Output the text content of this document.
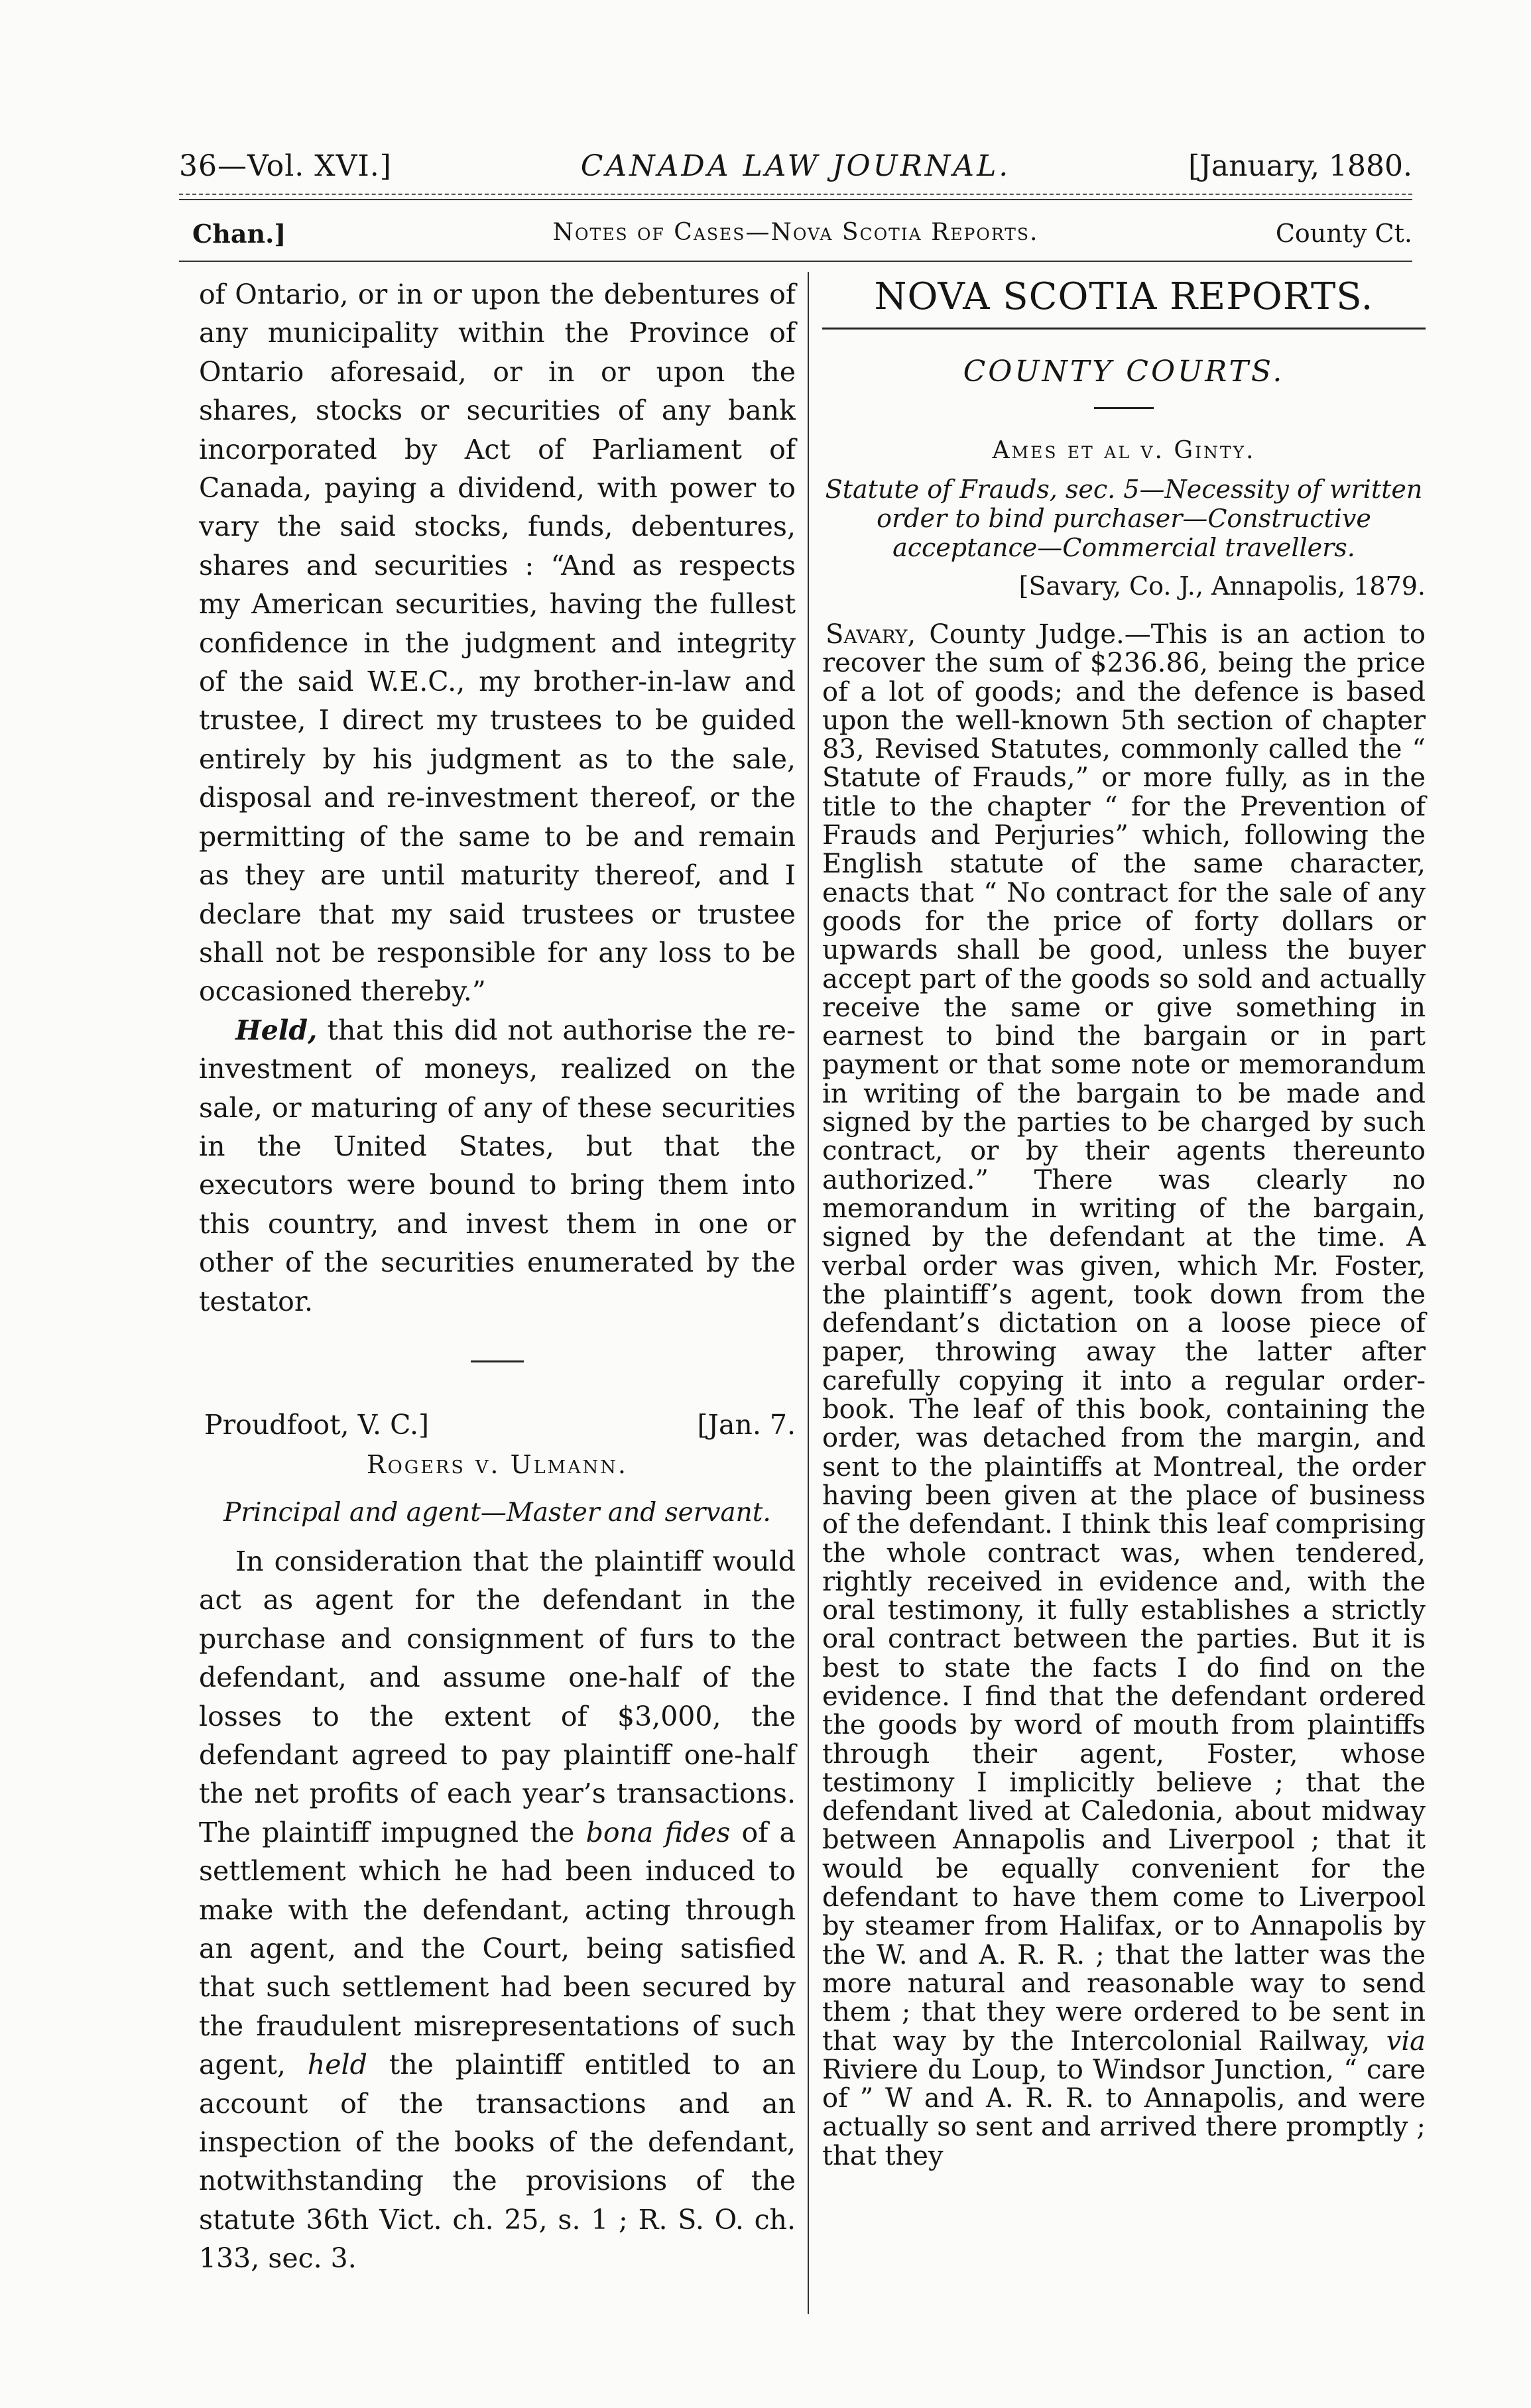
36—Vol. XVI.]	CANADA LAW JOURNAL.	[January, 1880.
Chan.]	Notes of Cases—Nova Scotia Reports.	County Ct.

of Ontario, or in or upon the debentures of any municipality within the Province of Ontario aforesaid, or in or upon the shares, stocks or securities of any bank incorporated by Act of Parliament of Canada, paying a dividend, with power to vary the said stocks, funds, debentures, shares and securities : “And as respects my American securities, having the fullest confidence in the judgment and integrity of the said W.E.C., my brother-in-law and trustee, I direct my trustees to be guided entirely by his judgment as to the sale, disposal and re-investment thereof, or the permitting of the same to be and remain as they are until maturity thereof, and I declare that my said trustees or trustee shall not be responsible for any loss to be occasioned thereby.”

Held, that this did not authorise the re-investment of moneys, realized on the sale, or maturing of any of these securities in the United States, but that the executors were bound to bring them into this country, and invest them in one or other of the securities enumerated by the testator.

Proudfoot, V. C.]	[Jan. 7.
Rogers v. Ulmann.
Principal and agent—Master and servant.

In consideration that the plaintiff would act as agent for the defendant in the purchase and consignment of furs to the defendant, and assume one-half of the losses to the extent of $3,000, the defendant agreed to pay plaintiff one-half the net profits of each year’s transactions. The plaintiff impugned the bona fides of a settlement which he had been induced to make with the defendant, acting through an agent, and the Court, being satisfied that such settlement had been secured by the fraudulent misrepresentations of such agent, held the plaintiff entitled to an account of the transactions and an inspection of the books of the defendant, notwithstanding the provisions of the statute 36th Vict. ch. 25, s. 1 ; R. S. O. ch. 133, sec. 3.

NOVA SCOTIA REPORTS.
COUNTY COURTS.
Ames et al v. Ginty.
Statute of Frauds, sec. 5—Necessity of written order to bind purchaser—Constructive acceptance—Commercial travellers.
[Savary, Co. J., Annapolis, 1879.

Savary, County Judge.—This is an action to recover the sum of $236.86, being the price of a lot of goods; and the defence is based upon the well-known 5th section of chapter 83, Revised Statutes, commonly called the “ Statute of Frauds,” or more fully, as in the title to the chapter “ for the Prevention of Frauds and Perjuries” which, following the English statute of the same character, enacts that “ No contract for the sale of any goods for the price of forty dollars or upwards shall be good, unless the buyer accept part of the goods so sold and actually receive the same or give something in earnest to bind the bargain or in part payment or that some note or memorandum in writing of the bargain to be made and signed by the parties to be charged by such contract, or by their agents thereunto authorized.” There was clearly no memorandum in writing of the bargain, signed by the defendant at the time. A verbal order was given, which Mr. Foster, the plaintiff’s agent, took down from the defendant’s dictation on a loose piece of paper, throwing away the latter after carefully copying it into a regular order-book. The leaf of this book, containing the order, was detached from the margin, and sent to the plaintiffs at Montreal, the order having been given at the place of business of the defendant. I think this leaf comprising the whole contract was, when tendered, rightly received in evidence and, with the oral testimony, it fully establishes a strictly oral contract between the parties. But it is best to state the facts I do find on the evidence. I find that the defendant ordered the goods by word of mouth from plaintiffs through their agent, Foster, whose testimony I implicitly believe ; that the defendant lived at Caledonia, about midway between Annapolis and Liverpool ; that it would be equally convenient for the defendant to have them come to Liverpool by steamer from Halifax, or to Annapolis by the W. and A. R. R. ; that the latter was the more natural and reasonable way to send them ; that they were ordered to be sent in that way by the Intercolonial Railway, via Riviere du Loup, to Windsor Junction, “ care of ” W and A. R. R. to Annapolis, and were actually so sent and arrived there promptly ; that they
